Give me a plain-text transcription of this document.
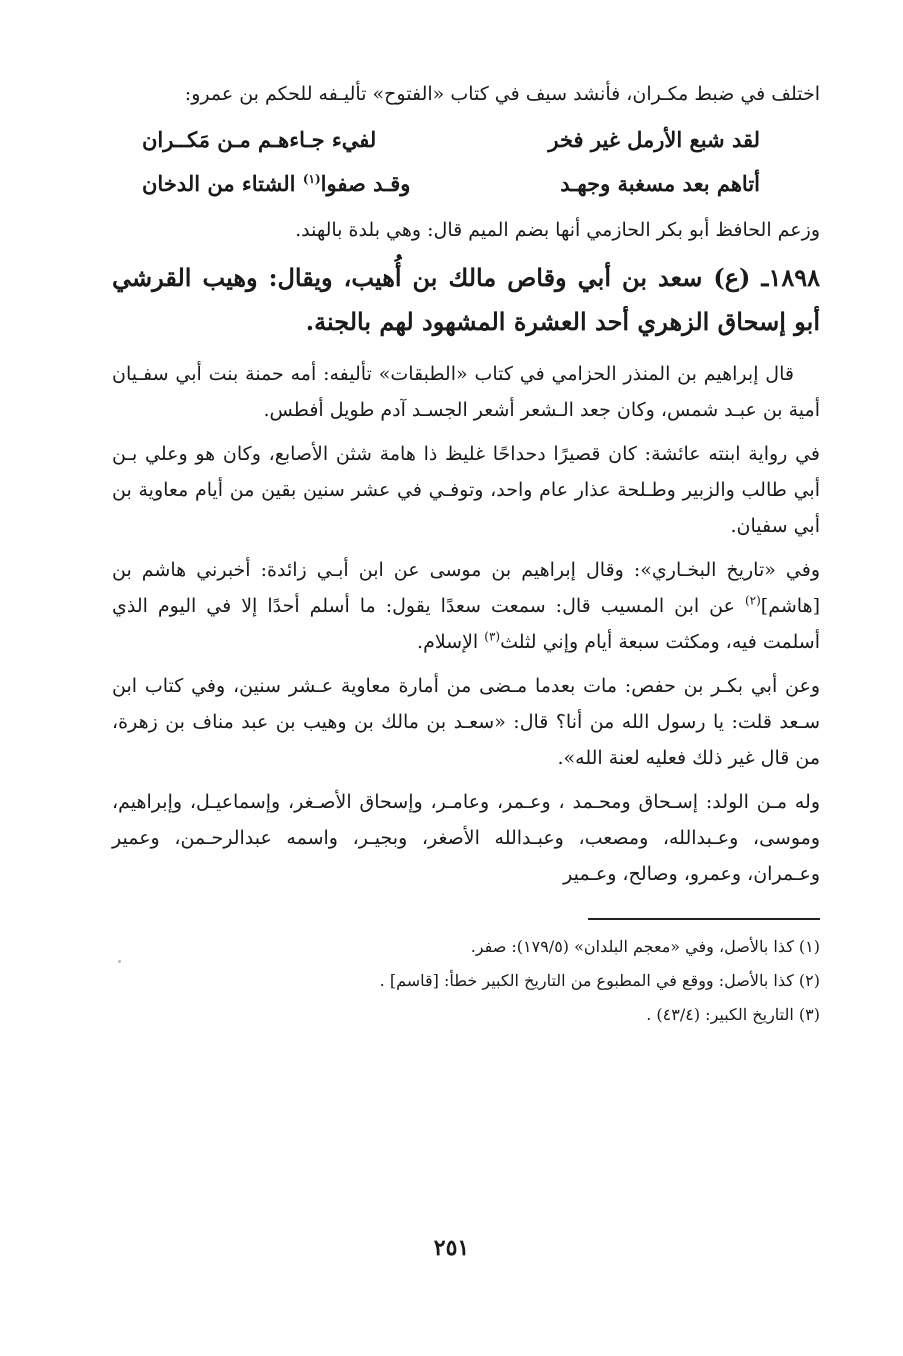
اختلف في ضبط مكـران، فأنشد سيف في كتاب «الفتوح» تأليـفه للحكم بن عمرو:

لقد شبع الأرمل غير فخر
لفيء جـاءهـم مـن مَكــران
أتاهم بعد مسغبة وجهـد
وقـد صفوا$^{(١)}$ الشتاء من الدخان

وزعم الحافظ أبو بكر الحازمي أنها بضم الميم قال: وهي بلدة بالهند.

١٨٩٨ـ (ع) سعد بن أبي وقاص مالك بن أُهيب، ويقال: وهيب القرشي أبو إسحاق الزهري أحد العشرة المشهود لهم بالجنة.

قال إبراهيم بن المنذر الحزامي في كتاب «الطبقات» تأليفه: أمه حمنة بنت أبي سفـيان أمية بن عبـد شمس، وكان جعد الـشعر أشعر الجسـد آدم طويل أفطس.

في رواية ابنته عائشة: كان قصيرًا دحداحًا غليظ ذا هامة شثن الأصابع، وكان هو وعلي بـن أبي طالب والزبير وطـلحة عذار عام واحد، وتوفـي في عشر سنين بقين من أيام معاوية بن أبي سفيان.

وفي «تاريخ البخـاري»: وقال إبراهيم بن موسى عن ابن أبـي زائدة: أخبرني هاشم بن [هاشم]$^{(٢)}$ عن ابن المسيب قال: سمعت سعدًا يقول: ما أسلم أحدًا إلا في اليوم الذي أسلمت فيه، ومكثت سبعة أيام وإني لثلث$^{(٣)}$ الإسلام.

وعن أبي بكـر بن حفص: مات بعدما مـضى من أمارة معاوية عـشر سنين، وفي كتاب ابن سـعد قلت: يا رسول الله من أنا؟ قال: «سعـد بن مالك بن وهيب بن عبد مناف بن زهرة، من قال غير ذلك فعليه لعنة الله».

وله مـن الولد: إسـحاق ومحـمد ، وعـمر، وعامـر، وإسحاق الأصـغر، وإسماعيـل، وإبراهيم، وموسى، وعـبدالله، ومصعب، وعبـدالله الأصغر، وبجيـر، واسمه عبدالرحـمن، وعمير وعـمران، وعمرو، وصالح، وعـمير

(١) كذا بالأصل، وفي «معجم البلدان» (١٧٩/٥): صفر.

(٢) كذا بالأصل: ووقع في المطبوع من التاريخ الكبير خطأ: [قاسم] .

(٣) التاريخ الكبير: (٤٣/٤) .

٢٥١
